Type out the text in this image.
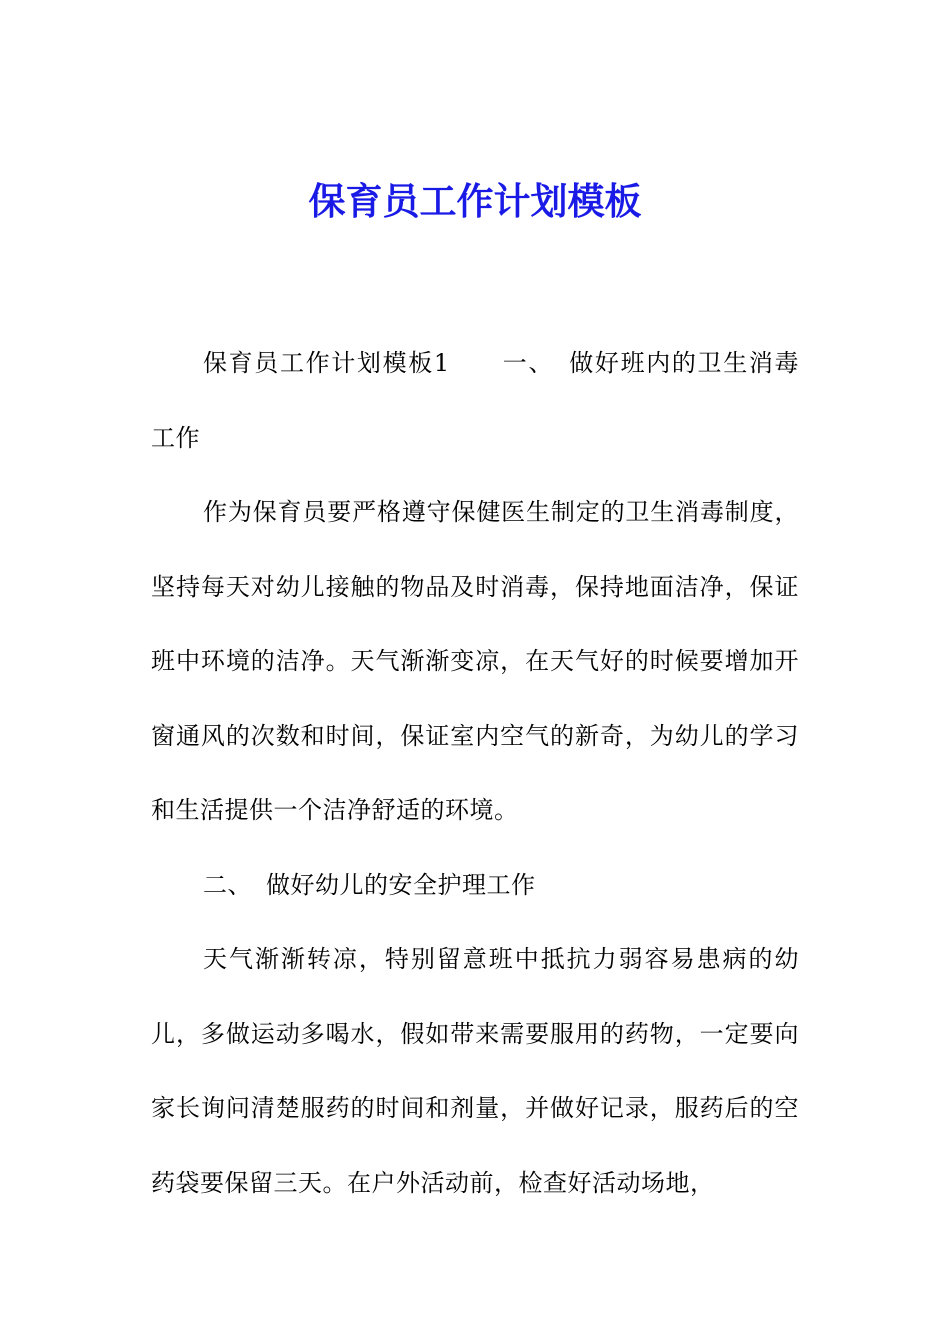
保育员工作计划模板

保育员工作计划模板1 一、 做好班内的卫生消毒工作

作为保育员要严格遵守保健医生制定的卫生消毒制度，坚持每天对幼儿接触的物品及时消毒，保持地面洁净，保证班中环境的洁净。天气渐渐变凉，在天气好的时候要增加开窗通风的次数和时间，保证室内空气的新奇，为幼儿的学习和生活提供一个洁净舒适的环境。

二、 做好幼儿的安全护理工作

天气渐渐转凉，特别留意班中抵抗力弱容易患病的幼儿，多做运动多喝水，假如带来需要服用的药物，一定要向家长询问清楚服药的时间和剂量，并做好记录，服药后的空药袋要保留三天。在户外活动前，检查好活动场地，
